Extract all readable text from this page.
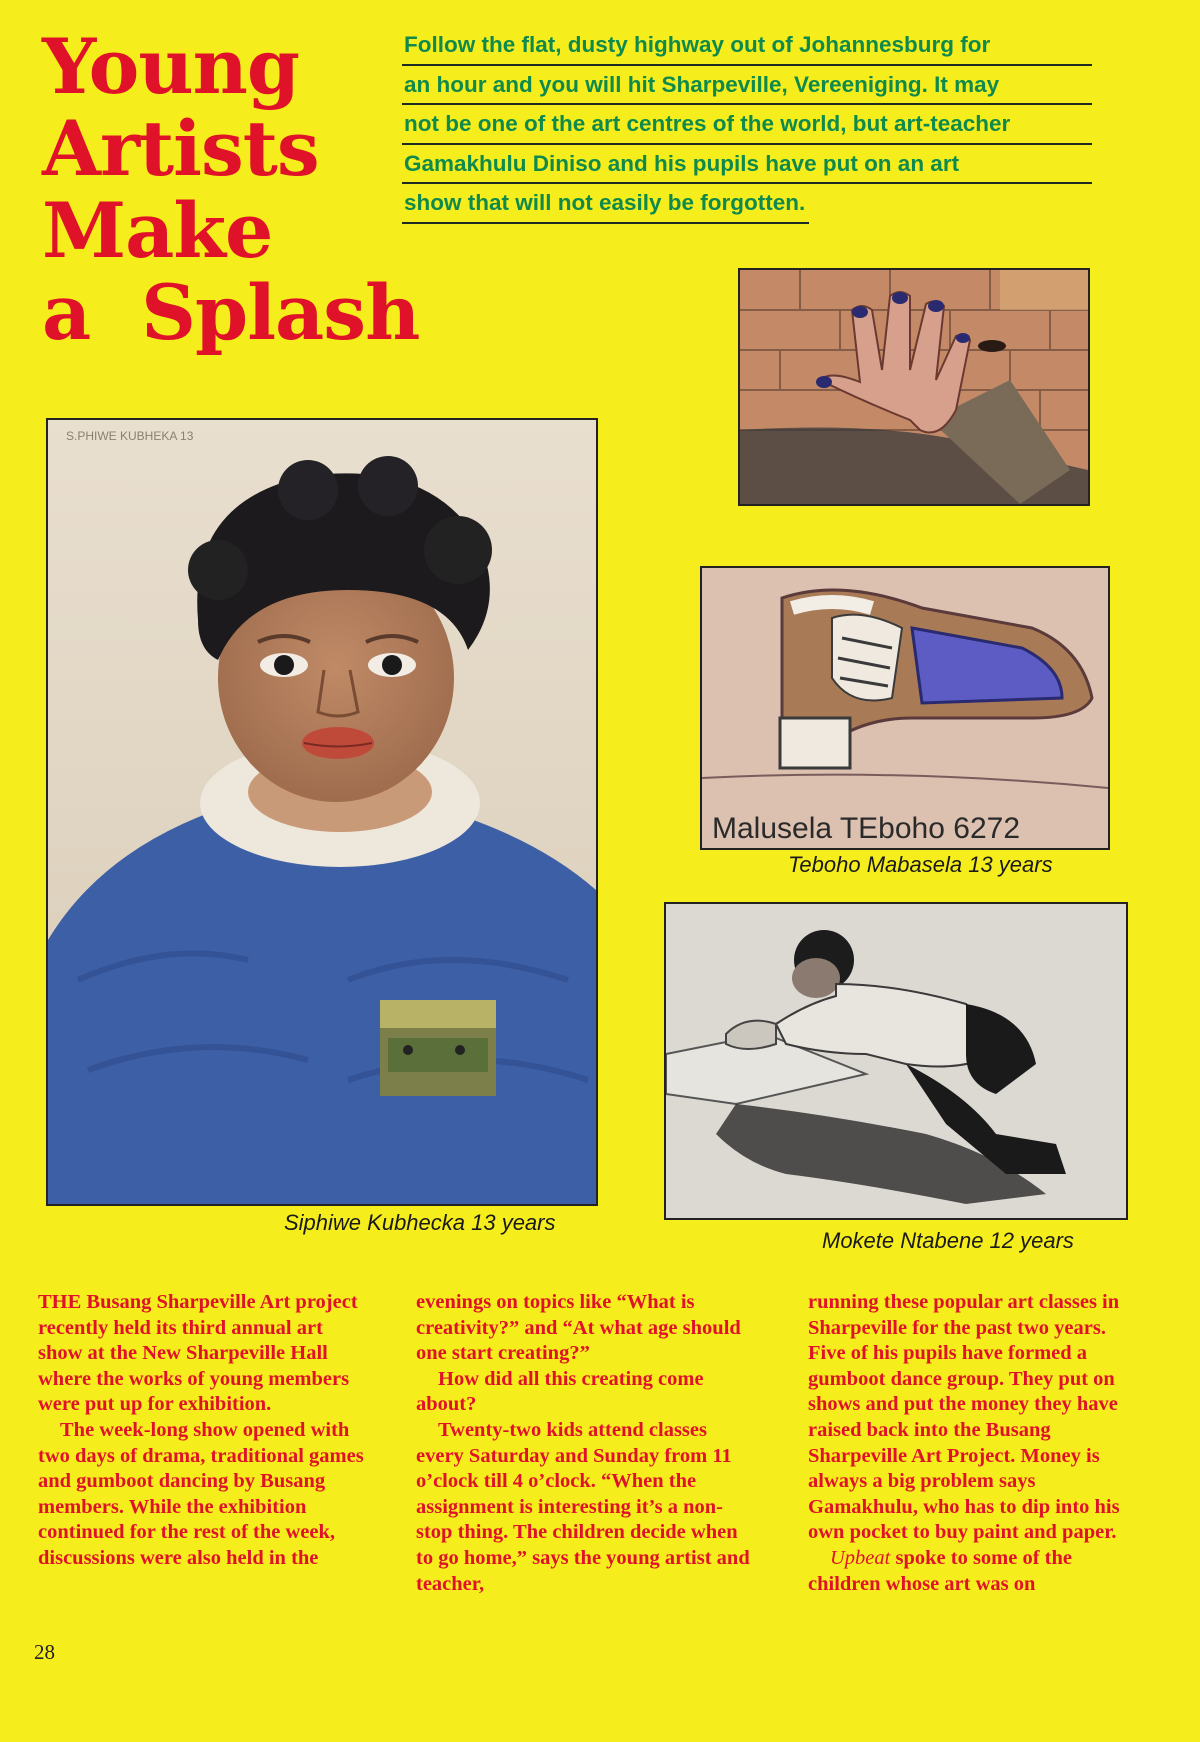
Young
Artists
Make
a  Splash
Follow the flat, dusty highway out of Johannesburg for
an hour and you will hit Sharpeville, Vereeniging. It may
not be one of the art centres of the world, but art-teacher
Gamakhulu Diniso and his pupils have put on an art
show that will not easily be forgotten.
S.PHIWE KUBHEKA 13
Siphiwe Kubhecka 13 years
Malusela TEboho 6272
Teboho Mabasela 13 years
Mokete Ntabene 12 years

THE Busang Sharpeville Art project recently held its third annual art show at the New Sharpeville Hall where the works of young members were put up for exhibition.

The week-long show opened with two days of drama, traditional games and gumboot dancing by Busang members. While the exhibition continued for the rest of the week, discussions were also held in the

evenings on topics like “What is creativity?” and “At what age should one start creating?”

How did all this creating come about?

Twenty-two kids attend classes every Saturday and Sunday from 11 o’clock till 4 o’clock. “When the assignment is interesting it’s a non-stop thing. The children decide when to go home,” says the young artist and teacher,

running these popular art classes in Sharpeville for the past two years. Five of his pupils have formed a gumboot dance group. They put on shows and put the money they have raised back into the Busang Sharpeville Art Project. Money is always a big problem says Gamakhulu, who has to dip into his own pocket to buy paint and paper.

Upbeat spoke to some of the children whose art was on

28
